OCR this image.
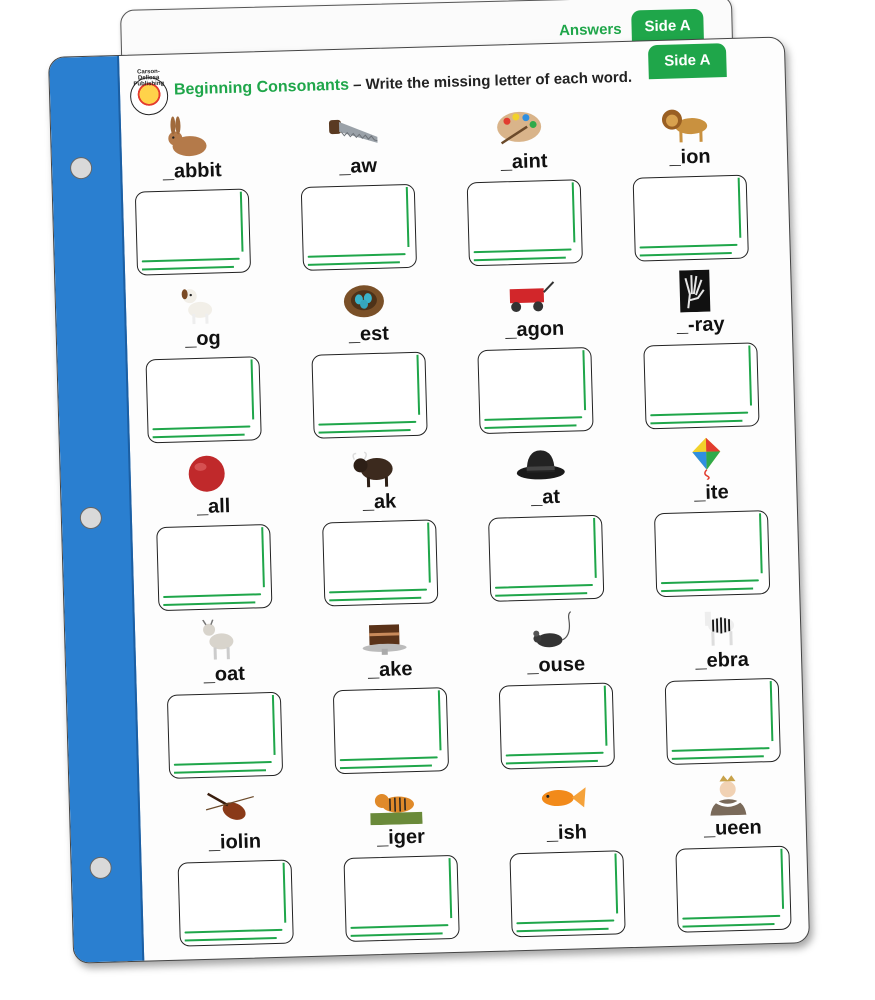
Answers	Side A
Side A
Carson-Dellosa Publishing Beginning Consonants – Write the missing letter of each word.
_abbit	_aw	_aint	_ion
_og	_est	_agon	_-ray
_all	_ak	_at	_ite
_oat	_ake	_ouse	_ebra
_iolin	_iger	_ish	_ueen
